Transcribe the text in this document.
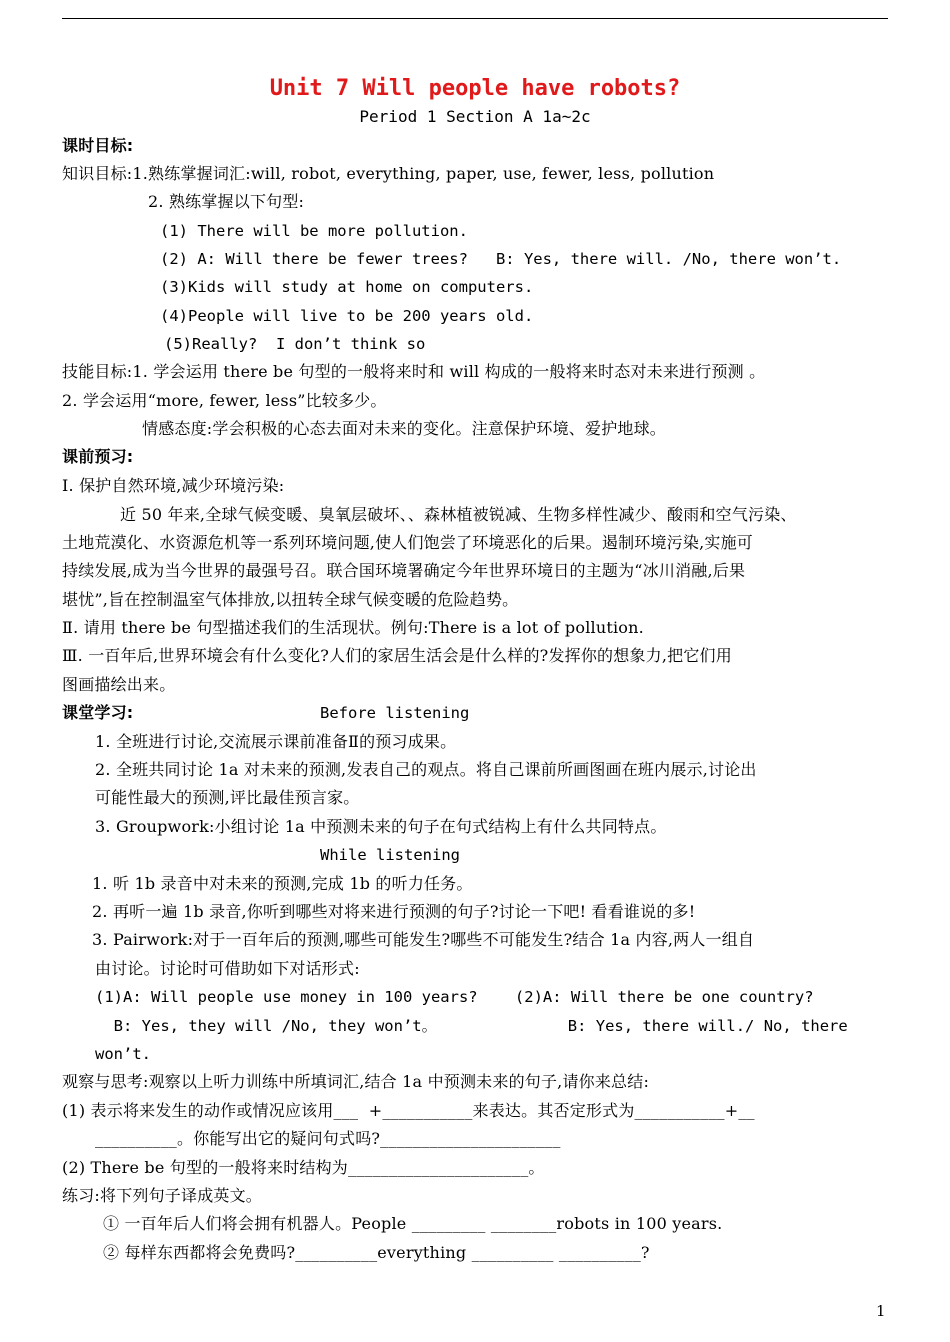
Unit 7 Will people have robots?
Period 1 Section A 1a~2c
课时目标:
知识目标:1.熟练掌握词汇:will, robot, everything, paper, use, fewer, less, pollution
2. 熟练掌握以下句型:
(1) There will be more pollution.
(2) A: Will there be fewer trees?   B: Yes, there will. /No, there won’t.
(3)Kids will study at home on computers.
(4)People will live to be 200 years old.
(5)Really?  I don’t think so
技能目标:1. 学会运用 there be 句型的一般将来时和 will 构成的一般将来时态对未来进行预测 。
2. 学会运用“more, fewer, less”比较多少。
情感态度:学会积极的心态去面对未来的变化。注意保护环境、爱护地球。
课前预习:
Ⅰ. 保护自然环境,减少环境污染:
近 50 年来,全球气候变暖、臭氧层破坏、、森林植被锐减、生物多样性减少、酸雨和空气污染、
土地荒漠化、水资源危机等一系列环境问题,使人们饱尝了环境恶化的后果。遏制环境污染,实施可
持续发展,成为当今世界的最强号召。联合国环境署确定今年世界环境日的主题为“冰川消融,后果
堪忧”,旨在控制温室气体排放,以扭转全球气候变暖的危险趋势。
Ⅱ. 请用 there be 句型描述我们的生活现状。例句:There is a lot of pollution.
Ⅲ. 一百年后,世界环境会有什么变化?人们的家居生活会是什么样的?发挥你的想象力,把它们用
图画描绘出来。
课堂学习:	Before listening
1. 全班进行讨论,交流展示课前准备Ⅱ的预习成果。
2. 全班共同讨论 1a 对未来的预测,发表自己的观点。将自己课前所画图画在班内展示,讨论出
可能性最大的预测,评比最佳预言家。
3. Groupwork:小组讨论 1a 中预测未来的句子在句式结构上有什么共同特点。
While listening
1. 听 1b 录音中对未来的预测,完成 1b 的听力任务。
2. 再听一遍 1b 录音,你听到哪些对将来进行预测的句子?讨论一下吧! 看看谁说的多!
3. Pairwork:对于一百年后的预测,哪些可能发生?哪些不可能发生?结合 1a 内容,两人一组自
由讨论。讨论时可借助如下对话形式:
(1)A: Will people use money in 100 years?    (2)A: Will there be one country?
B: Yes, they will /No, they won’t。              B: Yes, there will./ No, there
won’t.
观察与思考:观察以上听力训练中所填词汇,结合 1a 中预测未来的句子,请你来总结:
(1) 表示将来发生的动作或情况应该用___  +___________来表达。其否定形式为___________+__
__________。你能写出它的疑问句式吗?______________________
(2) There be 句型的一般将来时结构为______________________。
练习:将下列句子译成英文。
① 一百年后人们将会拥有机器人。People _________ ________robots in 100 years.
② 每样东西都将会免费吗?__________everything __________ __________?
1
